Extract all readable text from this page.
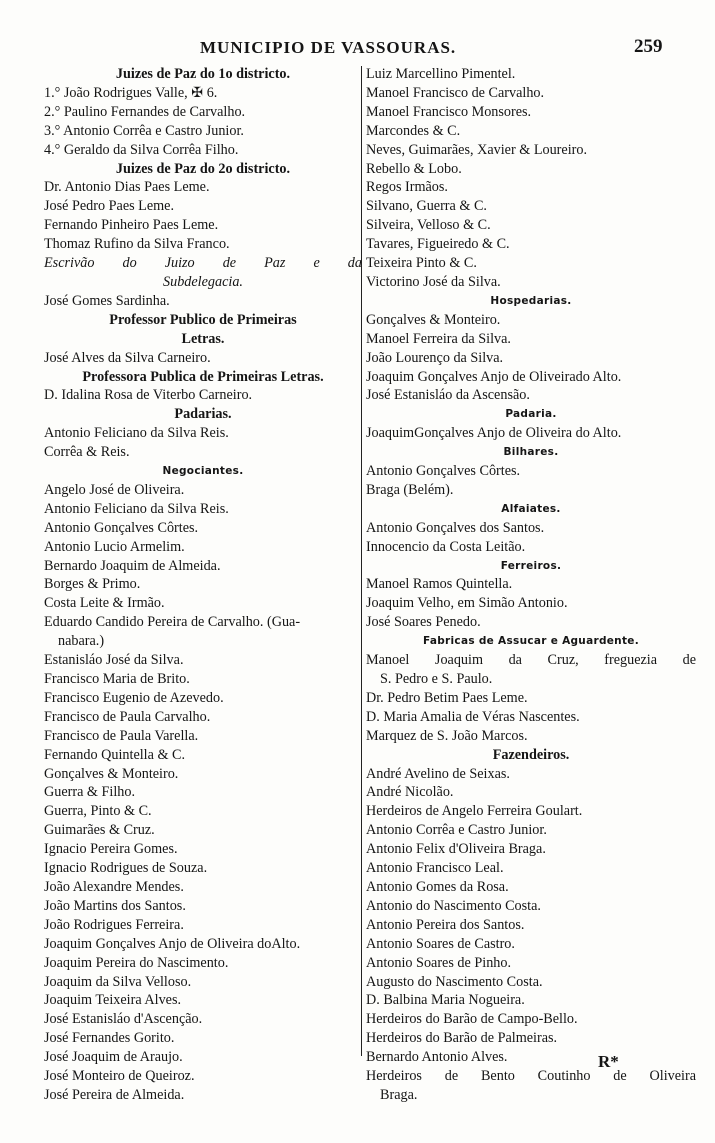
MUNICIPIO DE VASSOURAS.	259
Juizes de Paz do 1o districto.
1.° João Rodrigues Valle, ✠ 6.
2.° Paulino Fernandes de Carvalho.
3.° Antonio Corrêa e Castro Junior.
4.° Geraldo da Silva Corrêa Filho.
Juizes de Paz do 2o districto.
Dr. Antonio Dias Paes Leme.
José Pedro Paes Leme.
Fernando Pinheiro Paes Leme.
Thomaz Rufino da Silva Franco.
Escrivão do Juizo de Paz e da
Subdelegacia.
José Gomes Sardinha.
Professor Publico de Primeiras
Letras.
José Alves da Silva Carneiro.
Professora Publica de Primeiras Letras.
D. Idalina Rosa de Viterbo Carneiro.
Padarias.
Antonio Feliciano da Silva Reis.
Corrêa & Reis.
Negociantes.
Angelo José de Oliveira.
Antonio Feliciano da Silva Reis.
Antonio Gonçalves Côrtes.
Antonio Lucio Armelim.
Bernardo Joaquim de Almeida.
Borges & Primo.
Costa Leite & Irmão.
Eduardo Candido Pereira de Carvalho. (Gua-
nabara.)
Estanisláo José da Silva.
Francisco Maria de Brito.
Francisco Eugenio de Azevedo.
Francisco de Paula Carvalho.
Francisco de Paula Varella.
Fernando Quintella & C.
Gonçalves & Monteiro.
Guerra & Filho.
Guerra, Pinto & C.
Guimarães & Cruz.
Ignacio Pereira Gomes.
Ignacio Rodrigues de Souza.
João Alexandre Mendes.
João Martins dos Santos.
João Rodrigues Ferreira.
Joaquim Gonçalves Anjo de Oliveira doAlto.
Joaquim Pereira do Nascimento.
Joaquim da Silva Velloso.
Joaquim Teixeira Alves.
José Estanisláo d'Ascenção.
José Fernandes Gorito.
José Joaquim de Araujo.
José Monteiro de Queiroz.
José Pereira de Almeida.
Luiz Marcellino Pimentel.
Manoel Francisco de Carvalho.
Manoel Francisco Monsores.
Marcondes & C.
Neves, Guimarães, Xavier & Loureiro.
Rebello & Lobo.
Regos Irmãos.
Silvano, Guerra & C.
Silveira, Velloso & C.
Tavares, Figueiredo & C.
Teixeira Pinto & C.
Victorino José da Silva.
Hospedarias.
Gonçalves & Monteiro.
Manoel Ferreira da Silva.
João Lourenço da Silva.
Joaquim Gonçalves Anjo de Oliveirado Alto.
José Estanisláo da Ascensão.
Padaria.
JoaquimGonçalves Anjo de Oliveira do Alto.
Bilhares.
Antonio Gonçalves Côrtes.
Braga (Belém).
Alfaiates.
Antonio Gonçalves dos Santos.
Innocencio da Costa Leitão.
Ferreiros.
Manoel Ramos Quintella.
Joaquim Velho, em Simão Antonio.
José Soares Penedo.
Fabricas de Assucar e Aguardente.
Manoel Joaquim da Cruz, freguezia de
S. Pedro e S. Paulo.
Dr. Pedro Betim Paes Leme.
D. Maria Amalia de Véras Nascentes.
Marquez de S. João Marcos.
Fazendeiros.
André Avelino de Seixas.
André Nicolão.
Herdeiros de Angelo Ferreira Goulart.
Antonio Corrêa e Castro Junior.
Antonio Felix d'Oliveira Braga.
Antonio Francisco Leal.
Antonio Gomes da Rosa.
Antonio do Nascimento Costa.
Antonio Pereira dos Santos.
Antonio Soares de Castro.
Antonio Soares de Pinho.
Augusto do Nascimento Costa.
D. Balbina Maria Nogueira.
Herdeiros do Barão de Campo-Bello.
Herdeiros do Barão de Palmeiras.
Bernardo Antonio Alves.
Herdeiros de Bento Coutinho de Oliveira
Braga.
R*
